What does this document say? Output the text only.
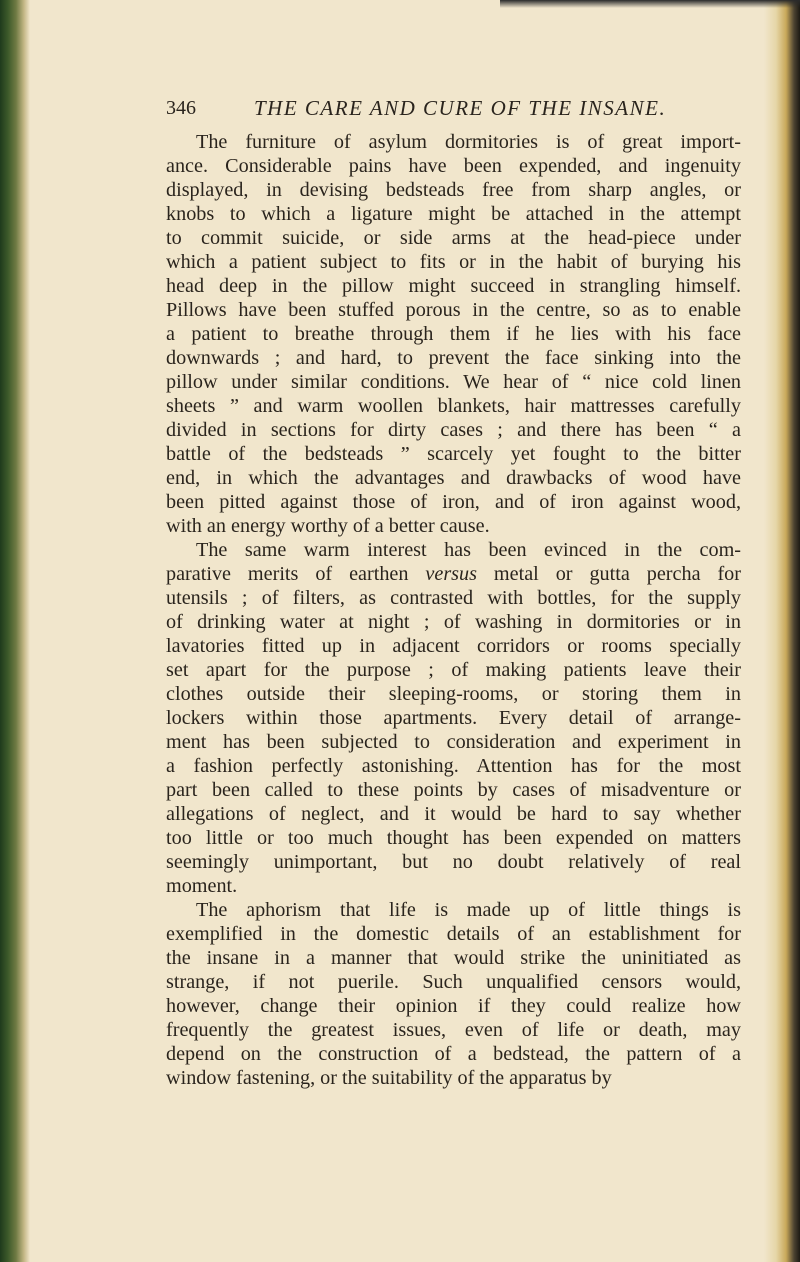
346	THE CARE AND CURE OF THE INSANE.
The furniture of asylum dormitories is of great import-
ance. Considerable pains have been expended, and ingenuity
displayed, in devising bedsteads free from sharp angles, or
knobs to which a ligature might be attached in the attempt
to commit suicide, or side arms at the head-piece under
which a patient subject to fits or in the habit of burying his
head deep in the pillow might succeed in strangling himself.
Pillows have been stuffed porous in the centre, so as to enable
a patient to breathe through them if he lies with his face
downwards ; and hard, to prevent the face sinking into the
pillow under similar conditions. We hear of “ nice cold linen
sheets ” and warm woollen blankets, hair mattresses carefully
divided in sections for dirty cases ; and there has been “ a
battle of the bedsteads ” scarcely yet fought to the bitter
end, in which the advantages and drawbacks of wood have
been pitted against those of iron, and of iron against wood,
with an energy worthy of a better cause.
The same warm interest has been evinced in the com-
parative merits of earthen versus metal or gutta percha for
utensils ; of filters, as contrasted with bottles, for the supply
of drinking water at night ; of washing in dormitories or in
lavatories fitted up in adjacent corridors or rooms specially
set apart for the purpose ; of making patients leave their
clothes outside their sleeping-rooms, or storing them in
lockers within those apartments. Every detail of arrange-
ment has been subjected to consideration and experiment in
a fashion perfectly astonishing. Attention has for the most
part been called to these points by cases of misadventure or
allegations of neglect, and it would be hard to say whether
too little or too much thought has been expended on matters
seemingly unimportant, but no doubt relatively of real
moment.
The aphorism that life is made up of little things is
exemplified in the domestic details of an establishment for
the insane in a manner that would strike the uninitiated as
strange, if not puerile. Such unqualified censors would,
however, change their opinion if they could realize how
frequently the greatest issues, even of life or death, may
depend on the construction of a bedstead, the pattern of a
window fastening, or the suitability of the apparatus by
